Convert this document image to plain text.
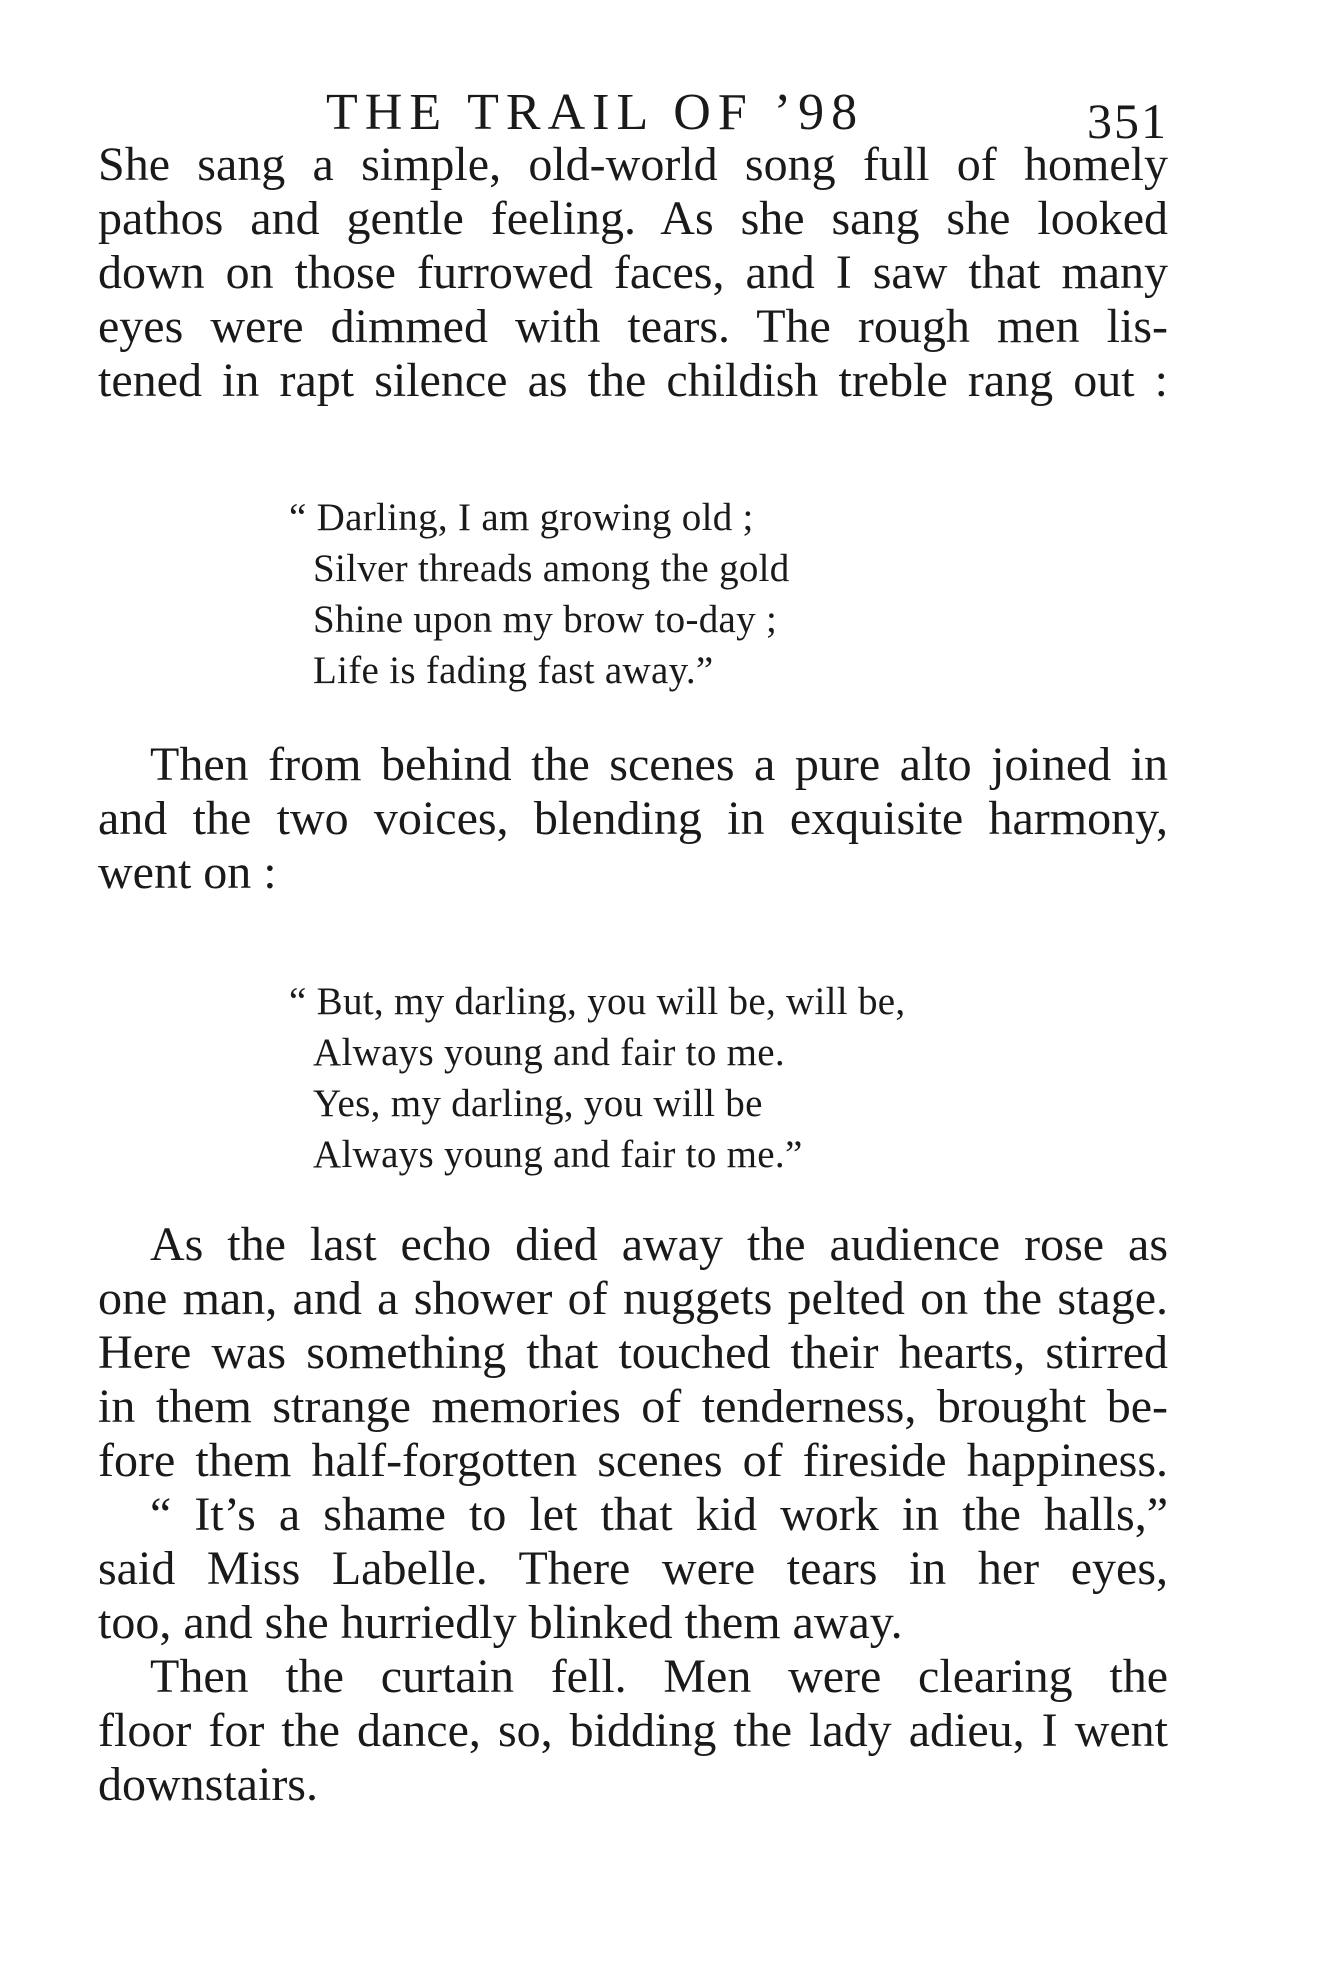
THE TRAIL OF ’98	351
She sang a simple, old-world song full of homely
pathos and gentle feeling. As she sang she looked
down on those furrowed faces, and I saw that many
eyes were dimmed with tears. The rough men lis-
tened in rapt silence as the childish treble rang out :
“ Darling, I am growing old ;
Silver threads among the gold
Shine upon my brow to-day ;
Life is fading fast away.”
Then from behind the scenes a pure alto joined in
and the two voices, blending in exquisite harmony,
went on :
“ But, my darling, you will be, will be,
Always young and fair to me.
Yes, my darling, you will be
Always young and fair to me.”
As the last echo died away the audience rose as
one man, and a shower of nuggets pelted on the stage.
Here was something that touched their hearts, stirred
in them strange memories of tenderness, brought be-
fore them half-forgotten scenes of fireside happiness.
“ It’s a shame to let that kid work in the halls,”
said Miss Labelle. There were tears in her eyes,
too, and she hurriedly blinked them away.
Then the curtain fell. Men were clearing the
floor for the dance, so, bidding the lady adieu, I went
downstairs.
